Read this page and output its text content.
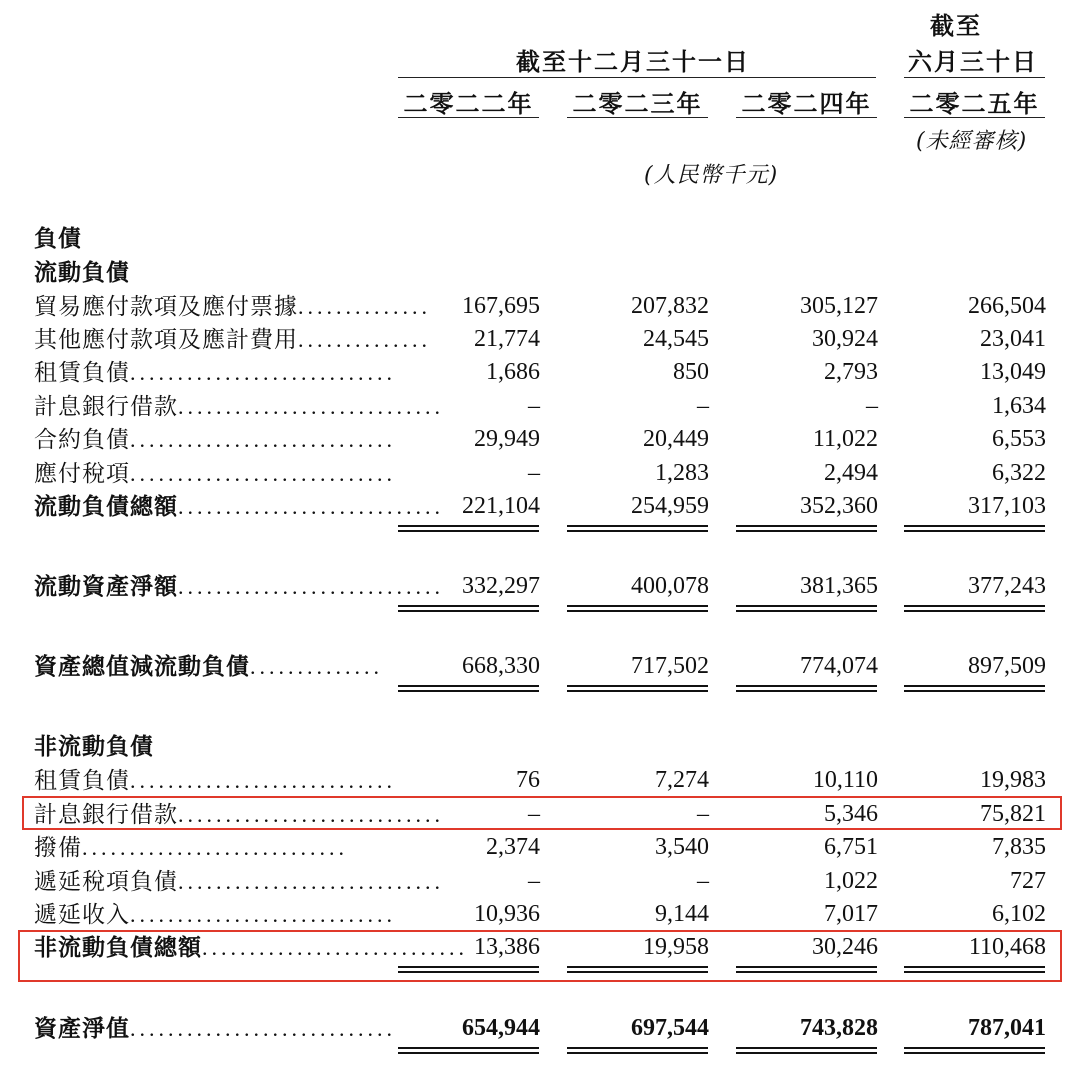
截至
截至十二月三十一日	六月三十日
二零二二年 二零二三年 二零二四年 二零二五年
(未經審核)
(人民幣千元)
負債
流動負債
貿易應付款項及應付票據..............	167,695	207,832	305,127	266,504
其他應付款項及應計費用..............	21,774	24,545	30,924	23,041
租賃負債............................	1,686	850	2,793	13,049
計息銀行借款............................	–	–	–	1,634
合約負債............................	29,949	20,449	11,022	6,553
應付稅項............................	–	1,283	2,494	6,322
流動負債總額............................ 221,104	254,959	352,360	317,103
流動資產淨額............................ 332,297	400,078	381,365	377,243
資產總值減流動負債..............	668,330	717,502	774,074	897,509
非流動負債
租賃負債............................	76	7,274	10,110	19,983
計息銀行借款............................	–	–	5,346	75,821
撥備............................	2,374	3,540	6,751	7,835
遞延稅項負債............................	–	–	1,022	727
遞延收入............................	10,936	9,144	7,017	6,102
非流動負債總額............................ 13,386	19,958	30,246	110,468
資產淨值............................	654,944	697,544	743,828	787,041
